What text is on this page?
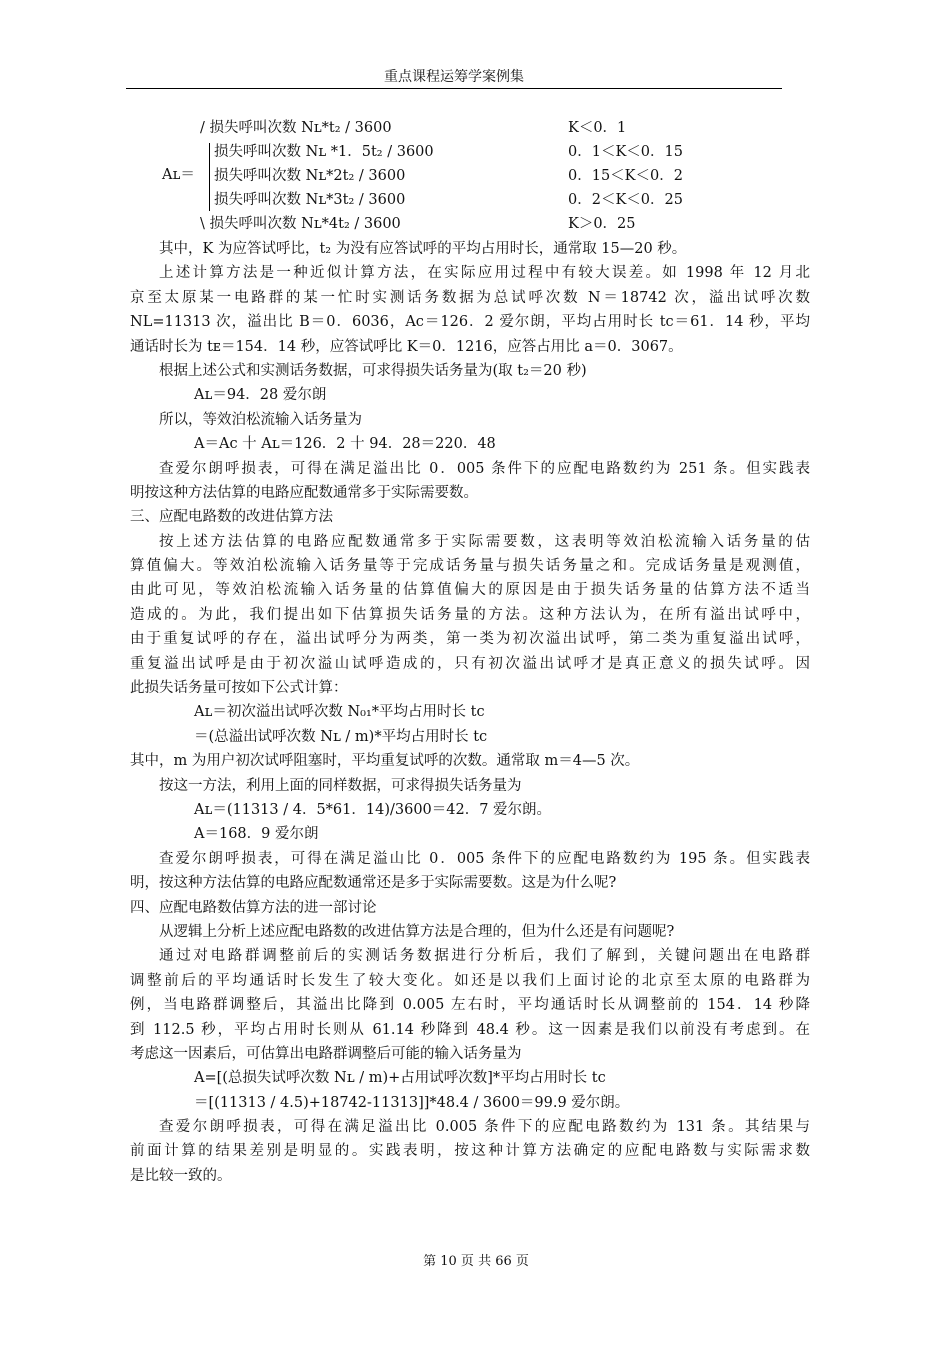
重点课程运筹学案例集
Aʟ＝
/ 损失呼叫次数 Nʟ*t₂ / 3600	K＜0．1
损失呼叫次数 Nʟ *1．5t₂ / 3600	0．1＜K＜0．15
损失呼叫次数 Nʟ*2t₂ / 3600	0．15＜K＜0．2
损失呼叫次数 Nʟ*3t₂ / 3600	0．2＜K＜0．25
\ 损失呼叫次数 Nʟ*4t₂ / 3600	K＞0．25
其中，K 为应答试呼比，t₂ 为没有应答试呼的平均占用时长，通常取 15—20 秒。
上述计算方法是一种近似计算方法，在实际应用过程中有较大误差。如 1998 年 12 月北
京至太原某一电路群的某一忙时实测话务数据为总试呼次数 N＝18742 次，溢出试呼次数
NL=11313 次，溢出比 B＝0．6036，Ac＝126．2 爱尔朗，平均占用时长 tc＝61．14 秒，平均
通话时长为 tᴇ＝154．14 秒，应答试呼比 K＝0．1216，应答占用比 a＝0．3067。
根据上述公式和实测话务数据，可求得损失话务量为(取 t₂＝20 秒)
Aʟ＝94．28 爱尔朗
所以，等效泊松流输入话务量为
A＝Ac 十 Aʟ＝126．2 十 94．28＝220．48
查爱尔朗呼损表，可得在满足溢出比 0．005 条件下的应配电路数约为 251 条。但实践表
明按这种方法估算的电路应配数通常多于实际需要数。
三、应配电路数的改进估算方法
按上述方法估算的电路应配数通常多于实际需要数，这表明等效泊松流输入话务量的估
算值偏大。等效泊松流输入话务量等于完成话务量与损失话务量之和。完成话务量是观测值，
由此可见，等效泊松流输入话务量的估算值偏大的原因是由于损失话务量的估算方法不适当
造成的。为此，我们提出如下估算损失话务量的方法。这种方法认为，在所有溢出试呼中，
由于重复试呼的存在，溢出试呼分为两类，第一类为初次溢出试呼，第二类为重复溢出试呼，
重复溢出试呼是由于初次溢山试呼造成的，只有初次溢出试呼才是真正意义的损失试呼。因
此损失话务量可按如下公式计算：
Aʟ＝初次溢出试呼次数 N₀₁*平均占用时长 tc
＝(总溢出试呼次数 Nʟ / m)*平均占用时长 tc
其中，m 为用户初次试呼阻塞时，平均重复试呼的次数。通常取 m＝4—5 次。
按这一方法，利用上面的同样数据，可求得损失话务量为
Aʟ＝(11313 / 4．5*61．14)/3600＝42．7 爱尔朗。
A＝168．9 爱尔朗
查爱尔朗呼损表，可得在满足溢山比 0．005 条件下的应配电路数约为 195 条。但实践表
明，按这种方法估算的电路应配数通常还是多于实际需要数。这是为什么呢?
四、应配电路数估算方法的进一部讨论
从逻辑上分析上述应配电路数的改进估算方法是合理的，但为什么还是有问题呢?
通过对电路群调整前后的实测话务数据进行分析后，我们了解到，关键问题出在电路群
调整前后的平均通话时长发生了较大变化。如还是以我们上面讨论的北京至太原的电路群为
例，当电路群调整后，其溢出比降到 0.005 左右时，平均通话时长从调整前的 154．14 秒降
到 112.5 秒，平均占用时长则从 61.14 秒降到 48.4 秒。这一因素是我们以前没有考虑到。在
考虑这一因素后，可估算出电路群调整后可能的输入话务量为
A=[(总损失试呼次数 Nʟ / m)+占用试呼次数]*平均占用时长 tc
＝[(11313 / 4.5)+18742-11313]]*48.4 / 3600＝99.9 爱尔朗。
查爱尔朗呼损表，可得在满足溢出比 0.005 条件下的应配电路数约为 131 条。其结果与
前面计算的结果差别是明显的。实践表明，按这种计算方法确定的应配电路数与实际需求数
是比较一致的。
第 10 页 共 66 页
